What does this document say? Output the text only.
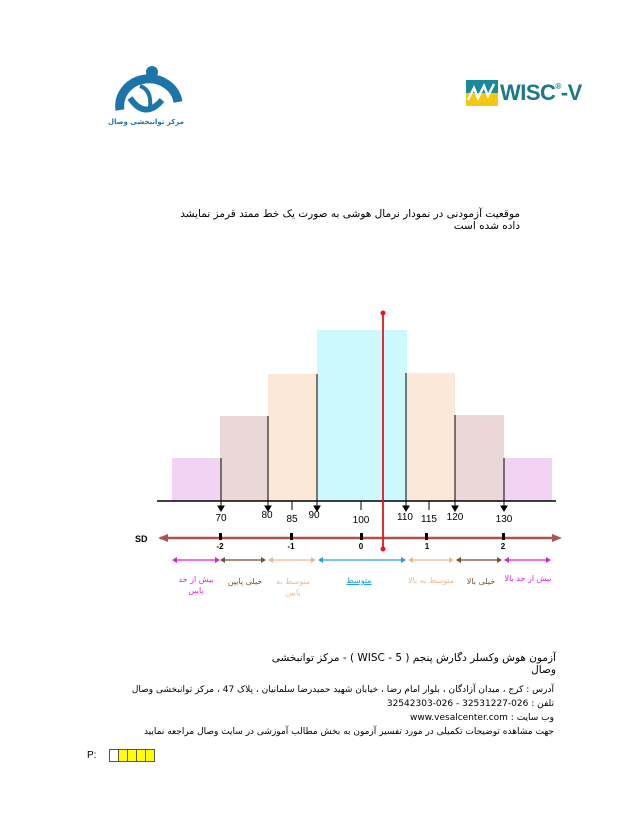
مرکز توانبخشی وصال
WISC®-V
موقعیت آزمودنی در نمودار نرمال هوشی به صورت یک خط ممتد قرمز نمایشد داده شده است
70	80 85 90	100	110 115 120	130
SD
-2	-1	0	1	2
بیش از حد پایین
خیلی پایین	متوسط به پایین
متوسط	متوسط به بالا	خیلی بالا	بیش از حد بالا
آزمون هوش وکسلر دگارش پنجم ( WISC - 5 ) - مرکز توانبخشی وصال
آدرس : کرج ، میدان آزادگان ، بلوار امام رضا ، خیابان شهید حمیدرضا سلمانیان ، پلاک 47 ، مرکز توانبخشی وصال
تلفن : 026-32531227 - 026-32542303
وب سایت : www.vesalcenter.com
جهت مشاهده توضیحات تکمیلی در مورد تفسیر آزمون به بخش مطالب آموزشی در سایت وصال مراجعه نمایید
P:
